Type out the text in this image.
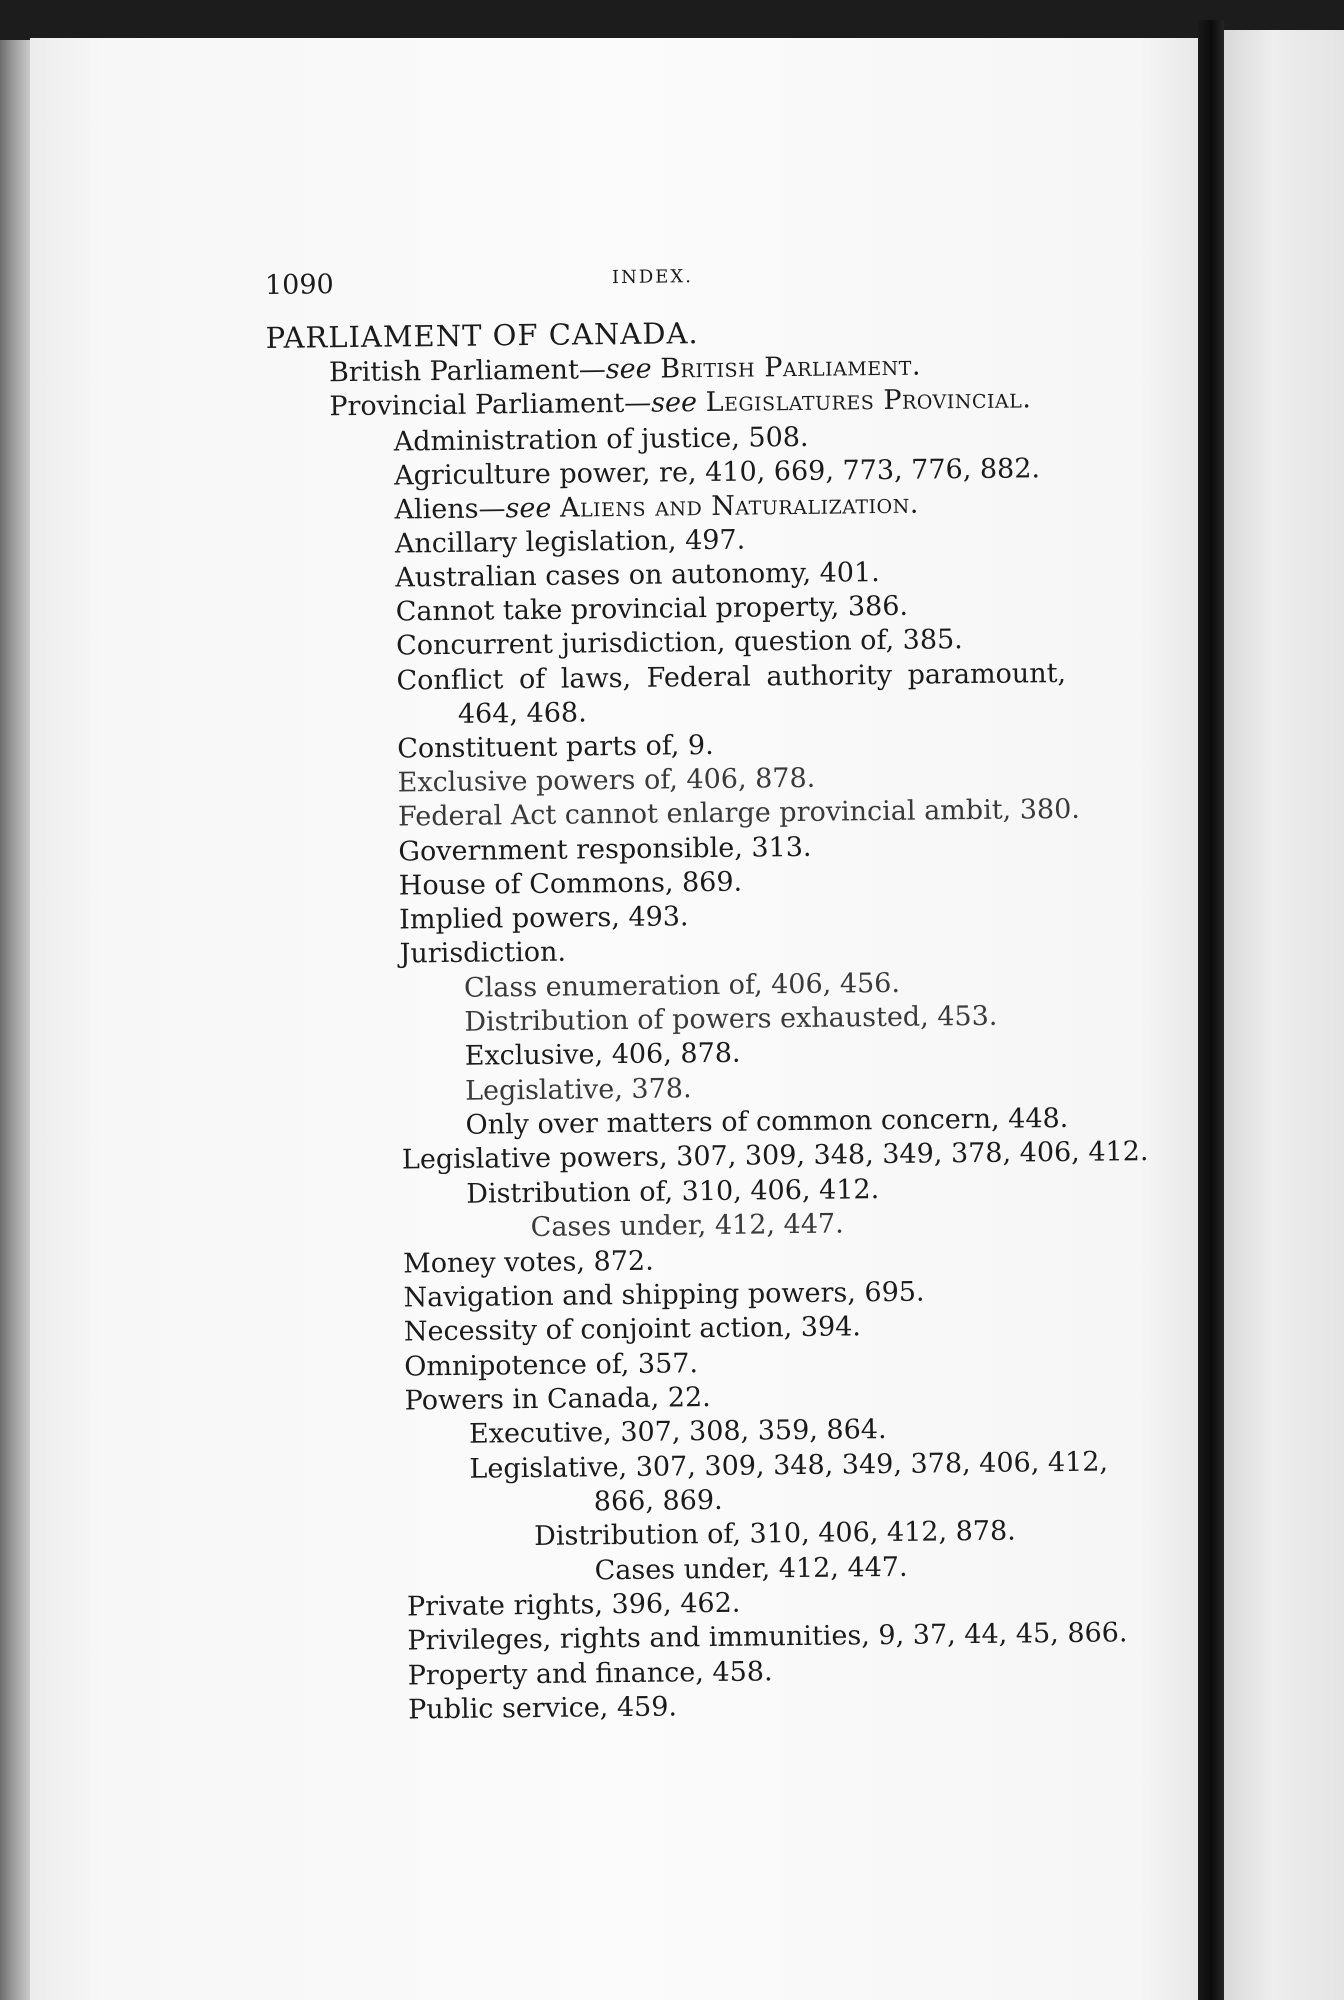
1090	INDEX.
PARLIAMENT OF CANADA.
British Parliament—see British Parliament.
Provincial Parliament—see Legislatures Provincial.
Administration of justice, 508.
Agriculture power, re, 410, 669, 773, 776, 882.
Aliens—see Aliens and Naturalization.
Ancillary legislation, 497.
Australian cases on autonomy, 401.
Cannot take provincial property, 386.
Concurrent jurisdiction, question of, 385.
Conflict of laws, Federal authority paramount,
464, 468.
Constituent parts of, 9.
Exclusive powers of, 406, 878.
Federal Act cannot enlarge provincial ambit, 380.
Government responsible, 313.
House of Commons, 869.
Implied powers, 493.
Jurisdiction.
Class enumeration of, 406, 456.
Distribution of powers exhausted, 453.
Exclusive, 406, 878.
Legislative, 378.
Only over matters of common concern, 448.
Legislative powers, 307, 309, 348, 349, 378, 406, 412.
Distribution of, 310, 406, 412.
Cases under, 412, 447.
Money votes, 872.
Navigation and shipping powers, 695.
Necessity of conjoint action, 394.
Omnipotence of, 357.
Powers in Canada, 22.
Executive, 307, 308, 359, 864.
Legislative, 307, 309, 348, 349, 378, 406, 412,
866, 869.
Distribution of, 310, 406, 412, 878.
Cases under, 412, 447.
Private rights, 396, 462.
Privileges, rights and immunities, 9, 37, 44, 45, 866.
Property and finance, 458.
Public service, 459.
